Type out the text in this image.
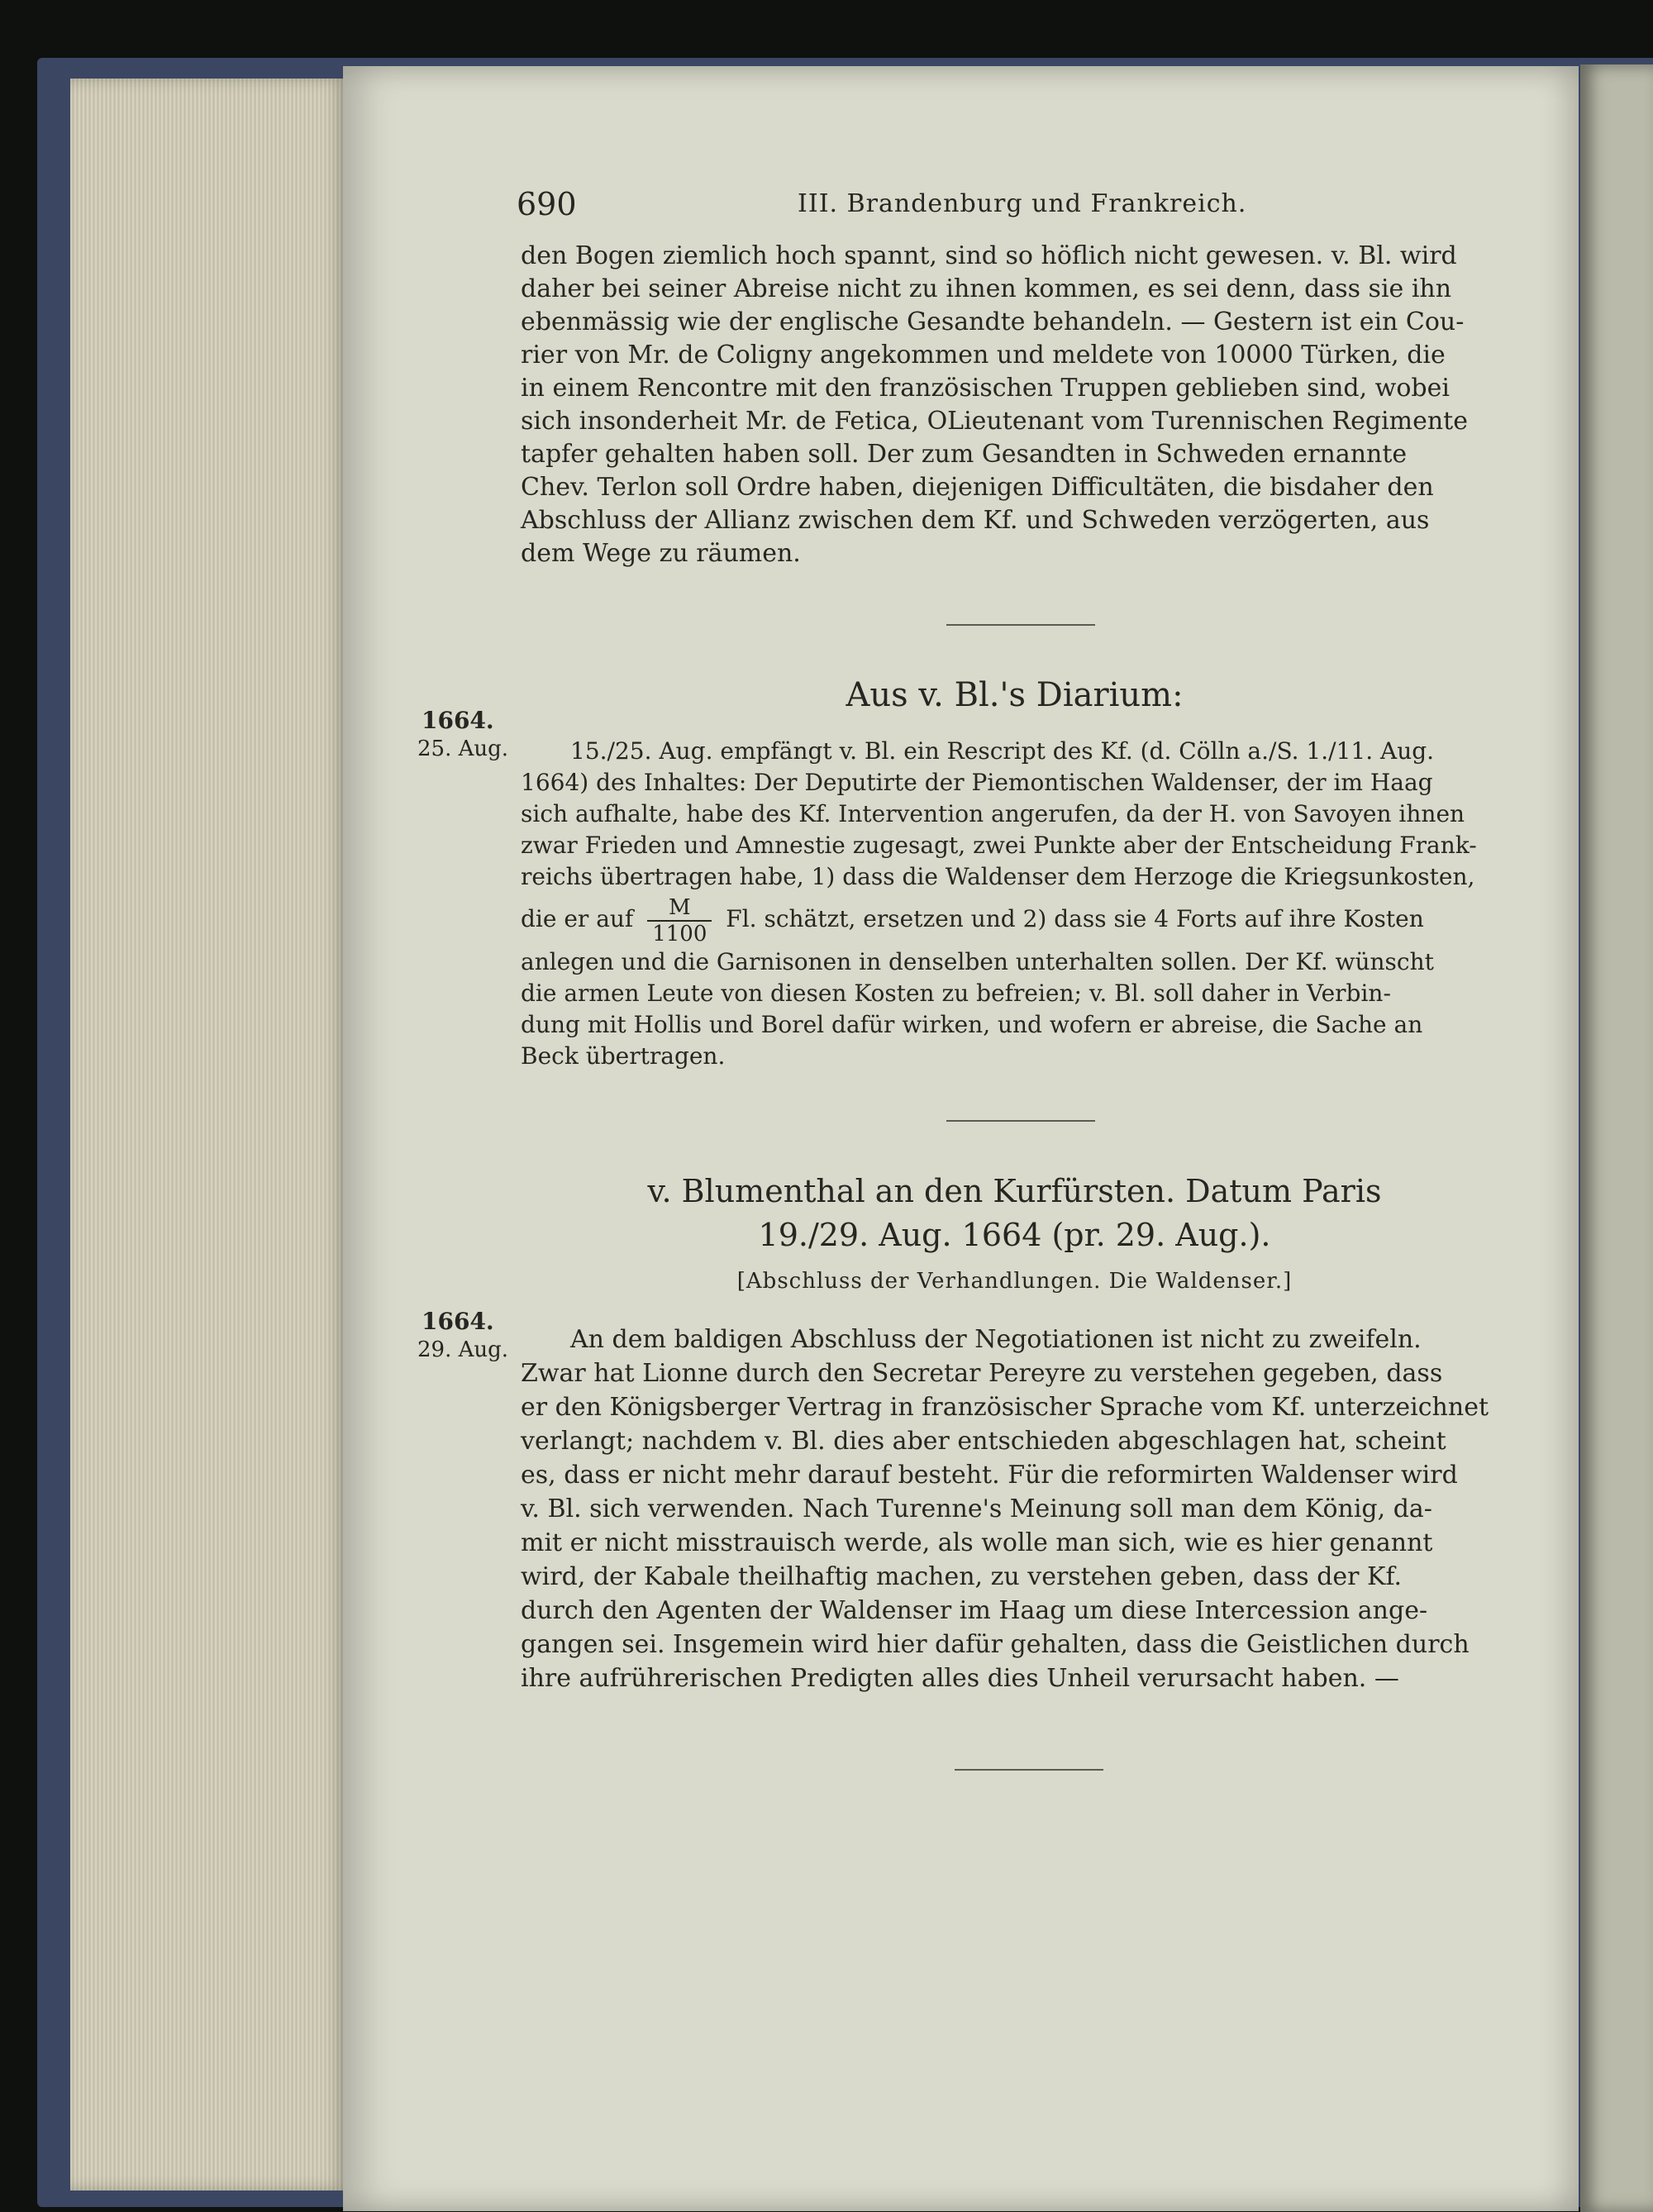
1664.
25. Aug.
1664.
29. Aug.
690	III. Brandenburg und Frankreich.
den Bogen ziemlich hoch spannt, sind so höflich nicht gewesen. v. Bl. wird
daher bei seiner Abreise nicht zu ihnen kommen, es sei denn, dass sie ihn
ebenmässig wie der englische Gesandte behandeln. — Gestern ist ein Cou-
rier von Mr. de Coligny angekommen und meldete von 10000 Türken, die
in einem Rencontre mit den französischen Truppen geblieben sind, wobei
sich insonderheit Mr. de Fetica, OLieutenant vom Turennischen Regimente
tapfer gehalten haben soll. Der zum Gesandten in Schweden ernannte
Chev. Terlon soll Ordre haben, diejenigen Difficultäten, die bisdaher den
Abschluss der Allianz zwischen dem Kf. und Schweden verzögerten, aus
dem Wege zu räumen.
Aus v. Bl.'s Diarium:
15./25. Aug. empfängt v. Bl. ein Rescript des Kf. (d. Cölln a./S. 1./11. Aug.
1664) des Inhaltes: Der Deputirte der Piemontischen Waldenser, der im Haag
sich aufhalte, habe des Kf. Intervention angerufen, da der H. von Savoyen ihnen
zwar Frieden und Amnestie zugesagt, zwei Punkte aber der Entscheidung Frank-
reichs übertragen habe, 1) dass die Waldenser dem Herzoge die Kriegsunkosten,
die er auf $\frac{M}{1100} Fl$. schätzt, ersetzen und 2) dass sie 4 Forts auf ihre Kosten
anlegen und die Garnisonen in denselben unterhalten sollen. Der Kf. wünscht
die armen Leute von diesen Kosten zu befreien; v. Bl. soll daher in Verbin-
dung mit Hollis und Borel dafür wirken, und wofern er abreise, die Sache an
Beck übertragen.
v. Blumenthal an den Kurfürsten. Datum Paris
19./29. Aug. 1664 (pr. 29. Aug.).
[Abschluss der Verhandlungen. Die Waldenser.]
An dem baldigen Abschluss der Negotiationen ist nicht zu zweifeln.
Zwar hat Lionne durch den Secretar Pereyre zu verstehen gegeben, dass
er den Königsberger Vertrag in französischer Sprache vom Kf. unterzeichnet
verlangt; nachdem v. Bl. dies aber entschieden abgeschlagen hat, scheint
es, dass er nicht mehr darauf besteht. Für die reformirten Waldenser wird
v. Bl. sich verwenden. Nach Turenne's Meinung soll man dem König, da-
mit er nicht misstrauisch werde, als wolle man sich, wie es hier genannt
wird, der Kabale theilhaftig machen, zu verstehen geben, dass der Kf.
durch den Agenten der Waldenser im Haag um diese Intercession ange-
gangen sei. Insgemein wird hier dafür gehalten, dass die Geistlichen durch
ihre aufrührerischen Predigten alles dies Unheil verursacht haben. —
